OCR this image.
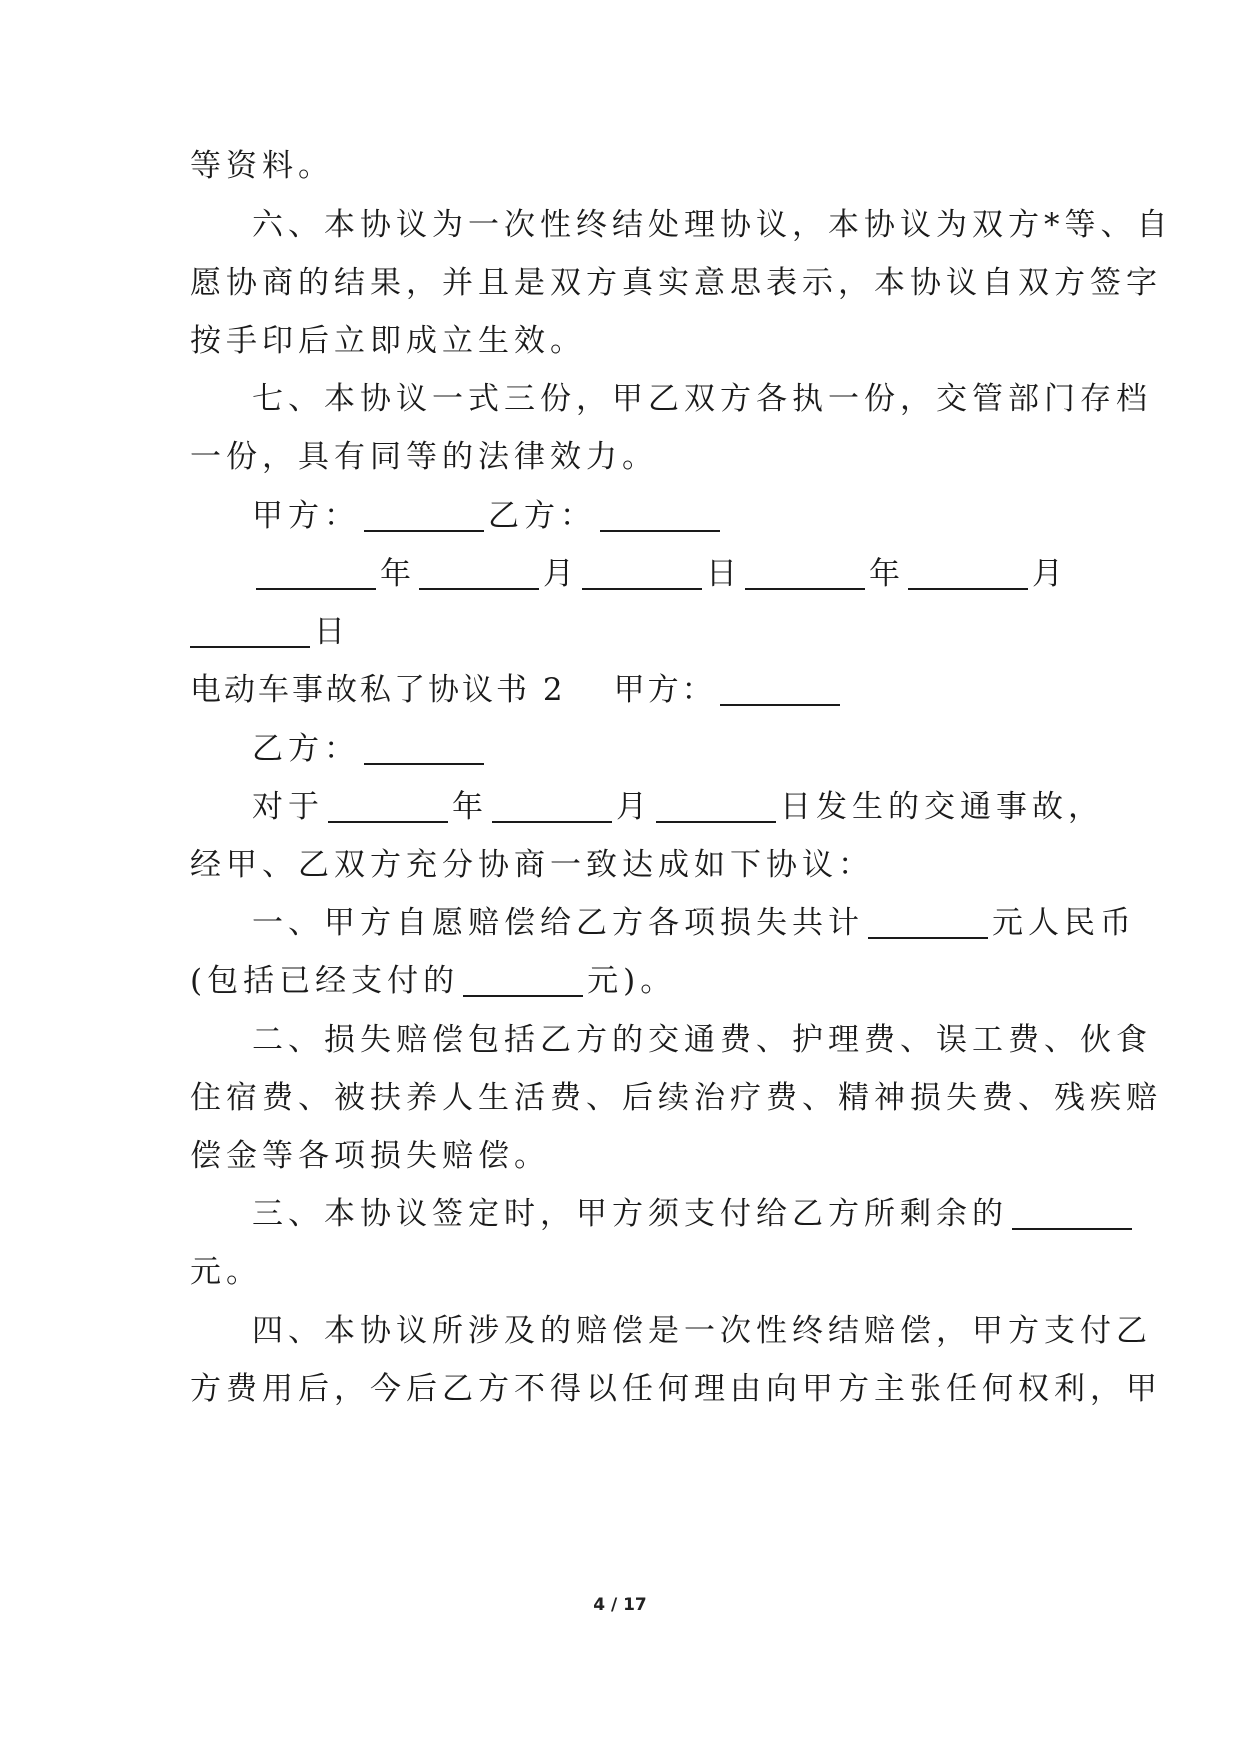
等资料。
六、本协议为一次性终结处理协议，本协议为双方*等、自
愿协商的结果，并且是双方真实意思表示，本协议自双方签字
按手印后立即成立生效。
七、本协议一式三份，甲乙双方各执一份，交管部门存档
一份，具有同等的法律效力。
甲方：	乙方：
年	月	日	年	月
日
电动车事故私了协议书 2 甲方：
乙方：
对于	年	月	日发生的交通事故，
经甲、乙双方充分协商一致达成如下协议：
一、甲方自愿赔偿给乙方各项损失共计	元人民币
(包括已经支付的	元)。
二、损失赔偿包括乙方的交通费、护理费、误工费、伙食
住宿费、被扶养人生活费、后续治疗费、精神损失费、残疾赔
偿金等各项损失赔偿。
三、本协议签定时，甲方须支付给乙方所剩余的
元。
四、本协议所涉及的赔偿是一次性终结赔偿，甲方支付乙
方费用后，今后乙方不得以任何理由向甲方主张任何权利，甲
4 / 17
